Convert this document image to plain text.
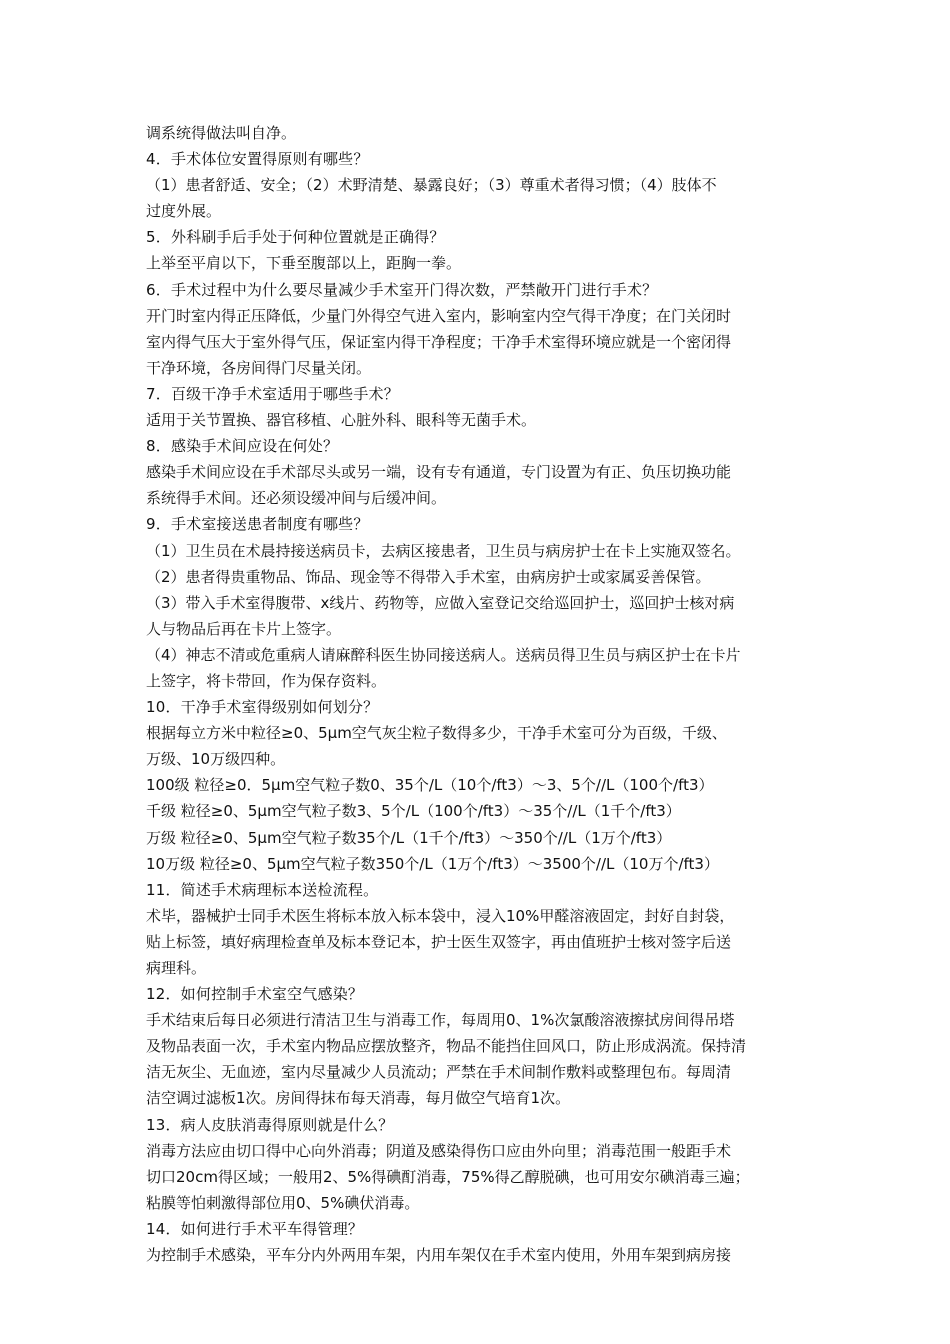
调系统得做法叫自净。
4．手术体位安置得原则有哪些？
（1）患者舒适、安全；（2）术野清楚、暴露良好；（3）尊重术者得习惯；（4）肢体不
过度外展。
5．外科刷手后手处于何种位置就是正确得？
上举至平肩以下，下垂至腹部以上，距胸一拳。
6．手术过程中为什么要尽量减少手术室开门得次数，严禁敞开门进行手术？
开门时室内得正压降低，少量门外得空气进入室内，影响室内空气得干净度；在门关闭时
室内得气压大于室外得气压，保证室内得干净程度；干净手术室得环境应就是一个密闭得
干净环境，各房间得门尽量关闭。
7．百级干净手术室适用于哪些手术？
适用于关节置换、器官移植、心脏外科、眼科等无菌手术。
8．感染手术间应设在何处？
感染手术间应设在手术部尽头或另一端，设有专有通道，专门设置为有正、负压切换功能
系统得手术间。还必须设缓冲间与后缓冲间。
9．手术室接送患者制度有哪些？
（1）卫生员在术晨持接送病员卡，去病区接患者，卫生员与病房护士在卡上实施双签名。
（2）患者得贵重物品、饰品、现金等不得带入手术室，由病房护士或家属妥善保管。
（3）带入手术室得腹带、x线片、药物等，应做入室登记交给巡回护士，巡回护士核对病
人与物品后再在卡片上签字。
（4）神志不清或危重病人请麻醉科医生协同接送病人。送病员得卫生员与病区护士在卡片
上签字，将卡带回，作为保存资料。
10．干净手术室得级别如何划分？
根据每立方米中粒径≥0、5μm空气灰尘粒子数得多少，干净手术室可分为百级，千级、
万级、10万级四种。
100级 粒径≥0．5μm空气粒子数0、35个/L（10个/ft3）～3、5个//L（100个/ft3）
千级 粒径≥0、5μm空气粒子数3、5个/L（100个/ft3）～35个//L（1千个/ft3）
万级 粒径≥0、5μm空气粒子数35个/L（1千个/ft3）～350个//L（1万个/ft3）
10万级 粒径≥0、5μm空气粒子数350个/L（1万个/ft3）～3500个//L（10万个/ft3）
11．简述手术病理标本送检流程。
术毕，器械护士同手术医生将标本放入标本袋中，浸入10%甲醛溶液固定，封好自封袋，
贴上标签，填好病理检查单及标本登记本，护士医生双签字，再由值班护士核对签字后送
病理科。
12．如何控制手术室空气感染？
手术结束后每日必须进行清洁卫生与消毒工作，每周用0、1%次氯酸溶液擦拭房间得吊塔
及物品表面一次，手术室内物品应摆放整齐，物品不能挡住回风口，防止形成涡流。保持清
洁无灰尘、无血迹，室内尽量减少人员流动；严禁在手术间制作敷料或整理包布。每周清
洁空调过滤板1次。房间得抹布每天消毒，每月做空气培育1次。
13．病人皮肤消毒得原则就是什么？
消毒方法应由切口得中心向外消毒；阴道及感染得伤口应由外向里；消毒范围一般距手术
切口20cm得区域；一般用2、5%得碘酊消毒，75%得乙醇脱碘，也可用安尔碘消毒三遍；
粘膜等怕刺激得部位用0、5%碘伏消毒。
14．如何进行手术平车得管理？
为控制手术感染，平车分内外两用车架，内用车架仅在手术室内使用，外用车架到病房接
